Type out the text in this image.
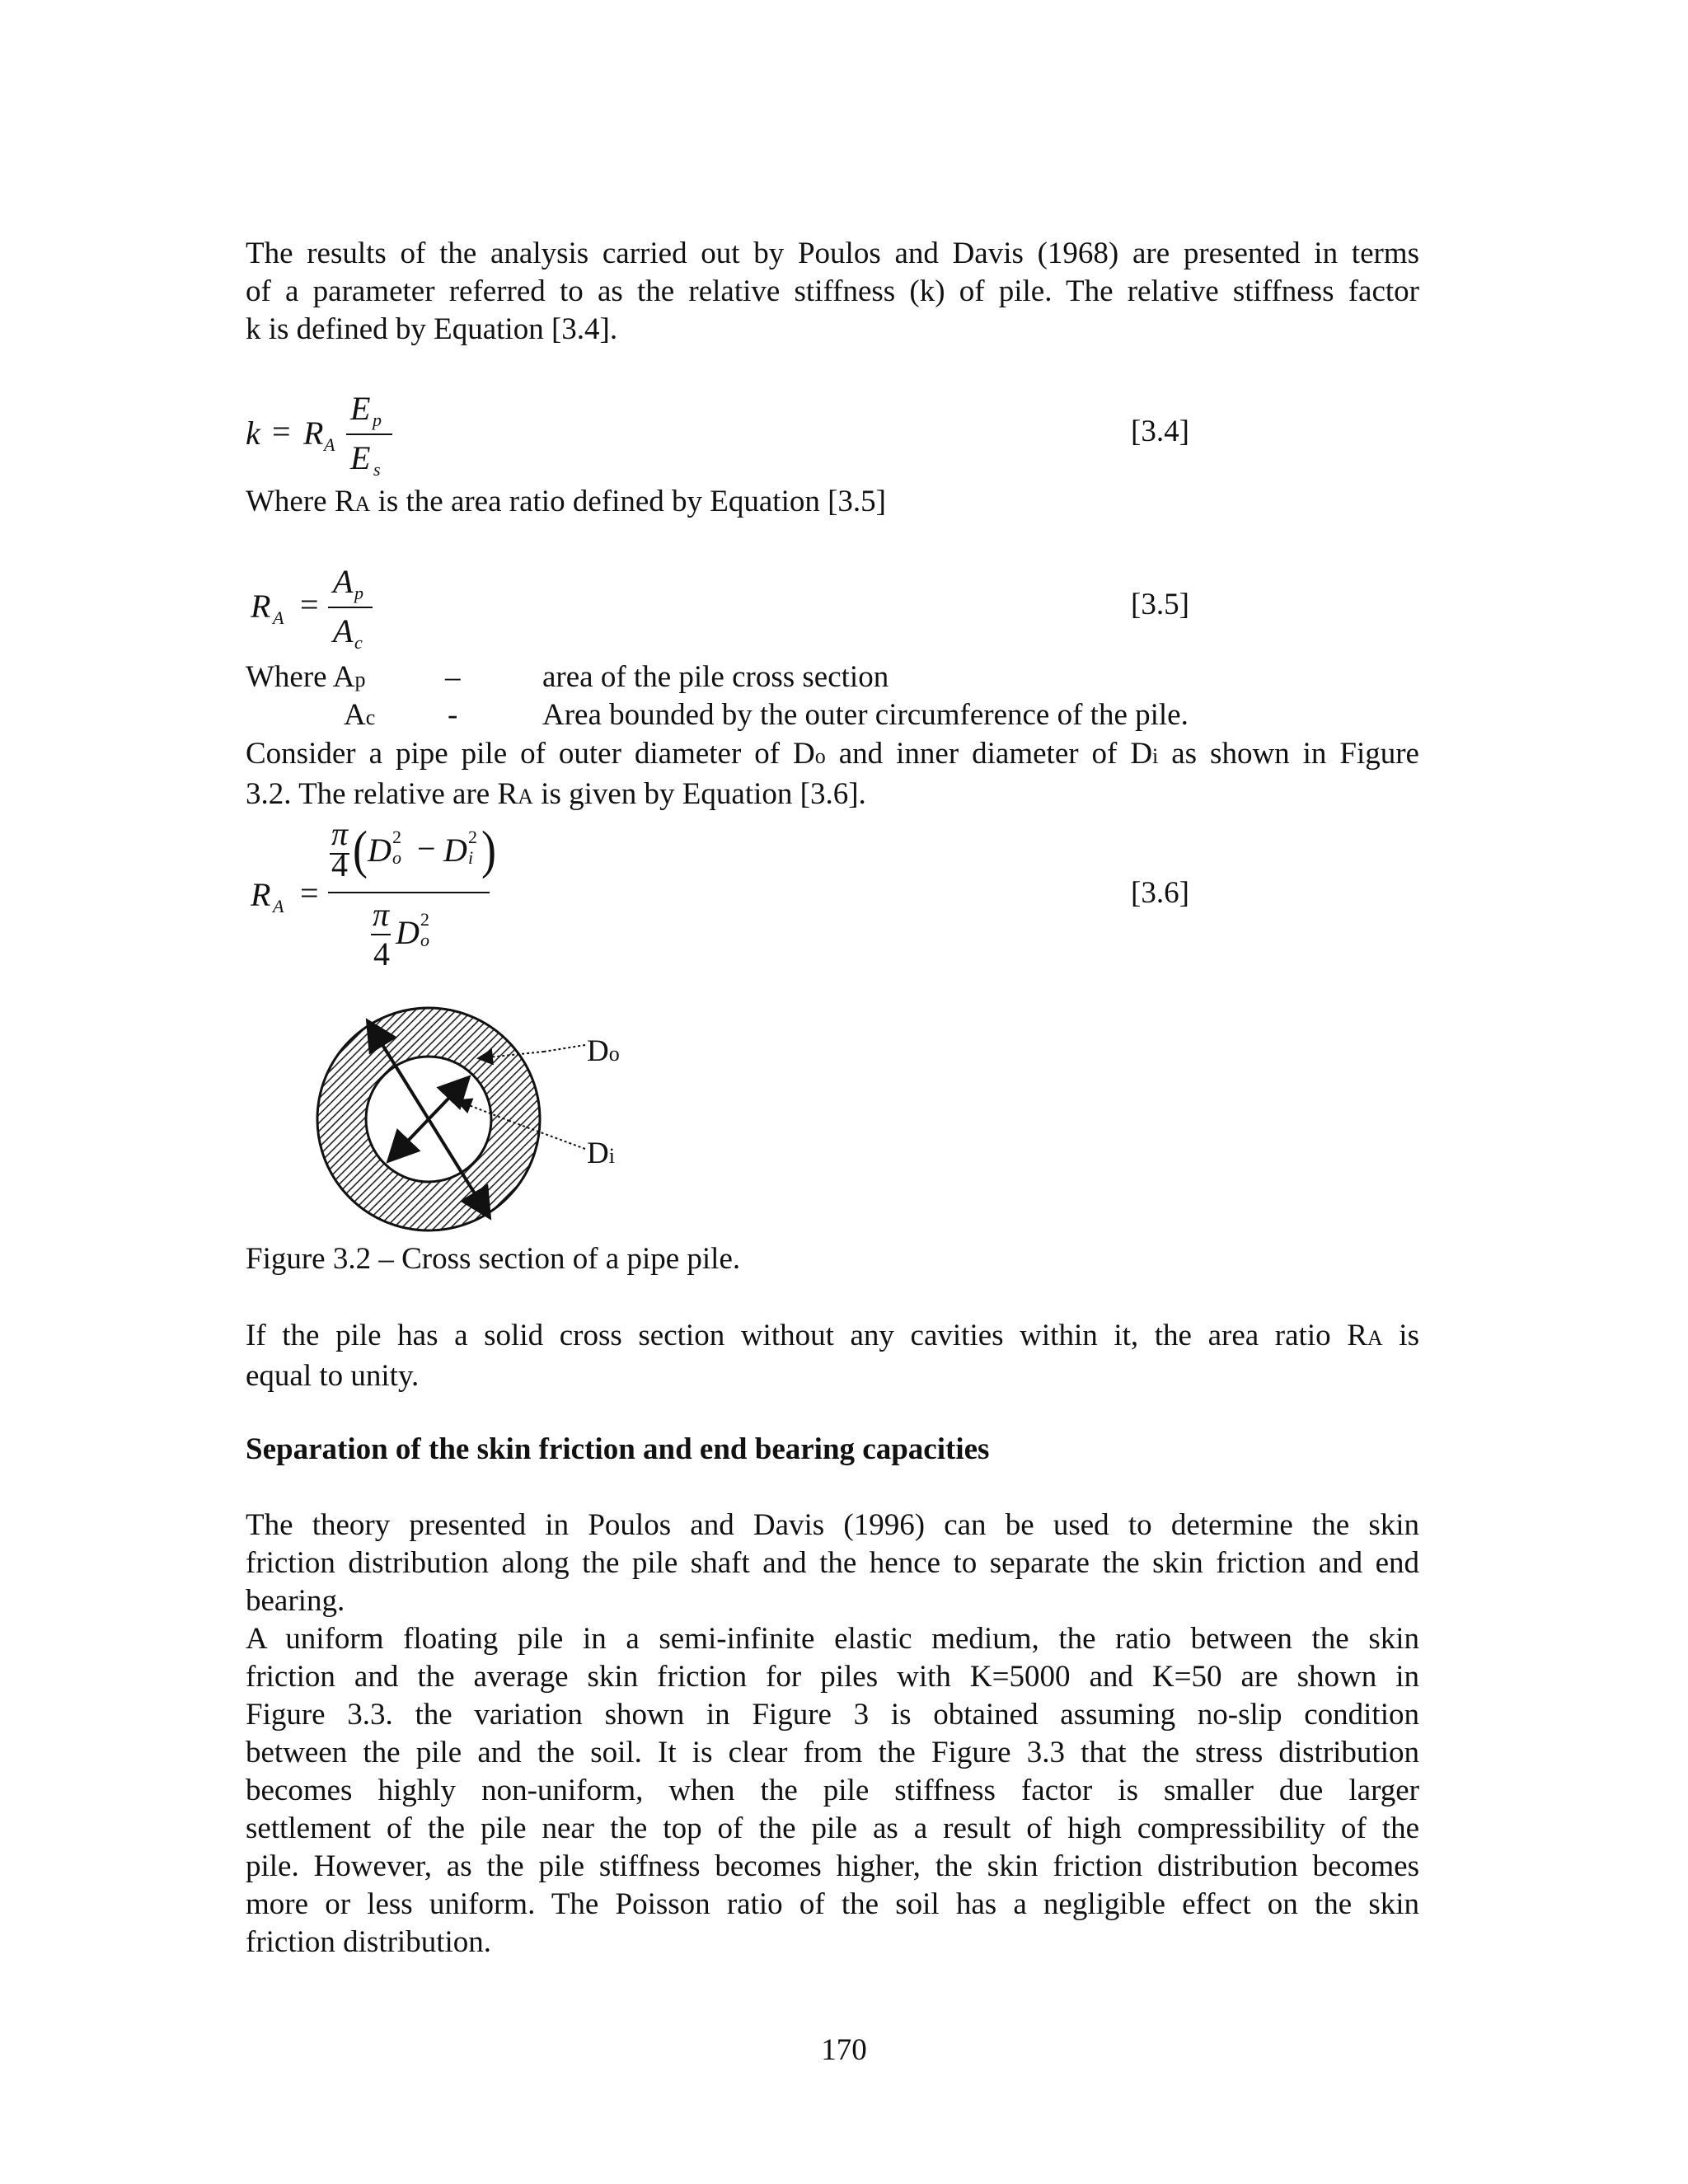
The results of the analysis carried out by Poulos and Davis (1968) are presented in terms
of a parameter referred to as the relative stiffness (k) of pile. The relative stiffness factor
k is defined by Equation [3.4].
k = R A
E p
E s
[3.4]
Where RA is the area ratio defined by Equation [3.5]
R A =
A p
A c
[3.5]
Where Ap	–	area of the pile cross section
Ac -	Area bounded by the outer circumference of the pile.
Consider a pipe pile of outer diameter of Do and inner diameter of Di as shown in Figure
3.2. The relative are RA is given by Equation [3.6].
R A =
π
4 ( D 2
o − D 2
i )
π
4
D 2
o
[3.6]
Do
Di
Figure 3.2 – Cross section of a pipe pile.
If the pile has a solid cross section without any cavities within it, the area ratio RA is
equal to unity.
Separation of the skin friction and end bearing capacities
The theory presented in Poulos and Davis (1996) can be used to determine the skin
friction distribution along the pile shaft and the hence to separate the skin friction and end
bearing.
A uniform floating pile in a semi-infinite elastic medium, the ratio between the skin
friction and the average skin friction for piles with K=5000 and K=50 are shown in
Figure 3.3. the variation shown in Figure 3 is obtained assuming no-slip condition
between the pile and the soil. It is clear from the Figure 3.3 that the stress distribution
becomes highly non-uniform, when the pile stiffness factor is smaller due larger
settlement of the pile near the top of the pile as a result of high compressibility of the
pile. However, as the pile stiffness becomes higher, the skin friction distribution becomes
more or less uniform. The Poisson ratio of the soil has a negligible effect on the skin
friction distribution.
170
